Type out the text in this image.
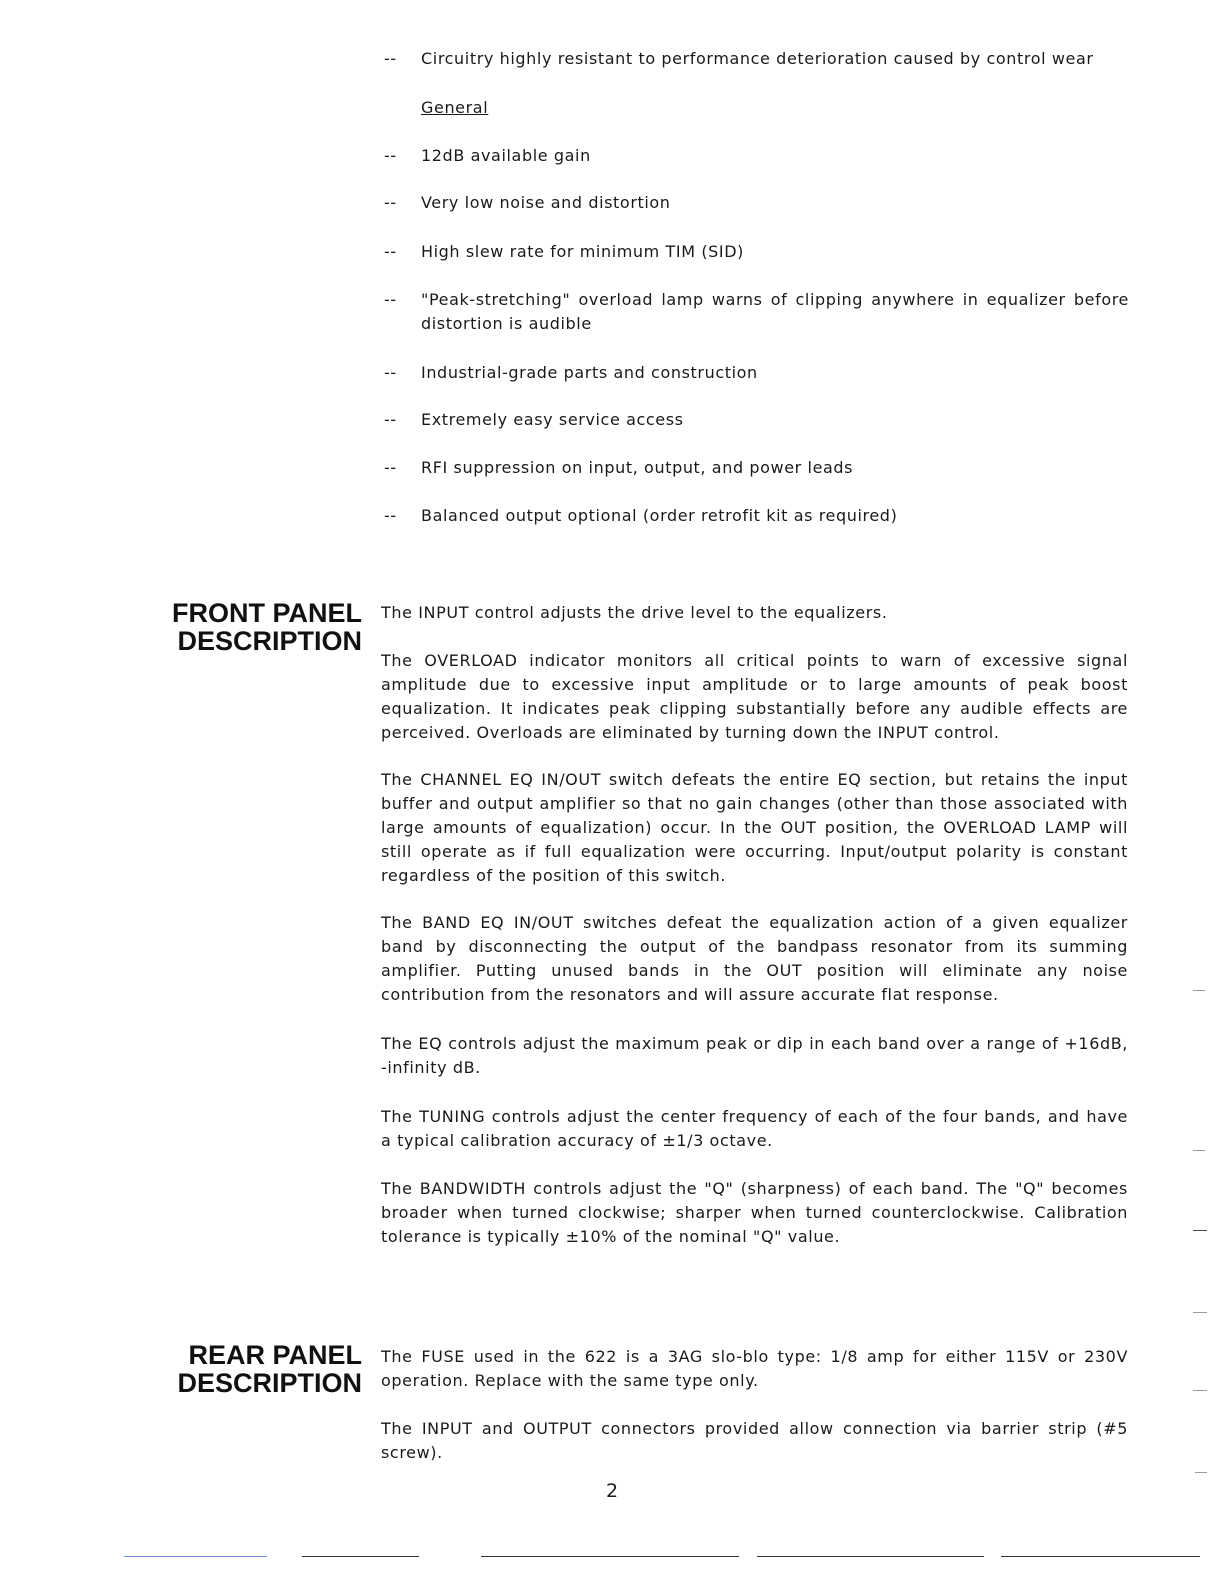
-- Circuitry highly resistant to performance deterioration caused by control wear
General
-- 12dB available gain
-- Very low noise and distortion
-- High slew rate for minimum TIM (SID)
-- "Peak-stretching" overload lamp warns of clipping anywhere in equalizer before distortion is audible
-- Industrial-grade parts and construction
-- Extremely easy service access
-- RFI suppression on input, output, and power leads
-- Balanced output optional (order retrofit kit as required)
FRONT PANEL
DESCRIPTION
The INPUT control adjusts the drive level to the equalizers.
The OVERLOAD indicator monitors all critical points to warn of excessive signal amplitude due to excessive input amplitude or to large amounts of peak boost equalization. It indicates peak clipping substantially before any audible effects are perceived. Overloads are eliminated by turning down the INPUT control.
The CHANNEL EQ IN/OUT switch defeats the entire EQ section, but retains the input buffer and output amplifier so that no gain changes (other than those associated with large amounts of equalization) occur. In the OUT position, the OVERLOAD LAMP will still operate as if full equalization were occurring. Input/output polarity is constant regardless of the position of this switch.
The BAND EQ IN/OUT switches defeat the equalization action of a given equalizer band by disconnecting the output of the bandpass resonator from its summing amplifier. Putting unused bands in the OUT position will eliminate any noise contribution from the resonators and will assure accurate flat response.
The EQ controls adjust the maximum peak or dip in each band over a range of +16dB, -infinity dB.
The TUNING controls adjust the center frequency of each of the four bands, and have a typical calibration accuracy of ±1/3 octave.
The BANDWIDTH controls adjust the "Q" (sharpness) of each band. The "Q" becomes broader when turned clockwise; sharper when turned counterclockwise. Calibration tolerance is typically ±10% of the nominal "Q" value.
REAR PANEL
DESCRIPTION
The FUSE used in the 622 is a 3AG slo-blo type: 1/8 amp for either 115V or 230V operation. Replace with the same type only.
The INPUT and OUTPUT connectors provided allow connection via barrier strip (#5 screw).
2
